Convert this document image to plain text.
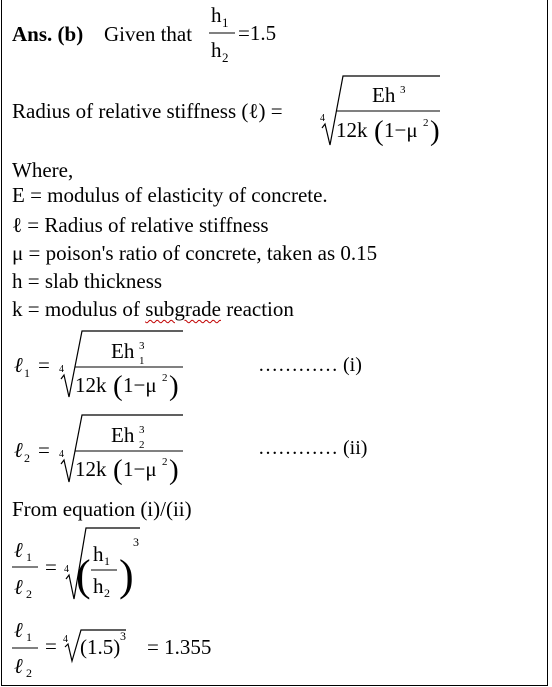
Ans. (b) Given that
h 1
h 2
=1.5
Radius of relative stiffness (ℓ) =	4
Eh 3
12k ( 1−μ 2 )
ℓ 1 = 4
Eh 1
3
12k ( 1−μ 2 )
………… (i)
ℓ 2 = 4
Eh 2
3
12k ( 1−μ 2 )
………… (ii)
ℓ 1
ℓ 2
= 4 ( h 1
h 2 )
3
ℓ 1
ℓ 2
= 4 (1.5) 3 = 1.355
Where,
E = modulus of elasticity of concrete.
ℓ = Radius of relative stiffness
μ = poison's ratio of concrete, taken as 0.15
h = slab thickness
k = modulus of subgrade reaction
From equation (i)/(ii)
